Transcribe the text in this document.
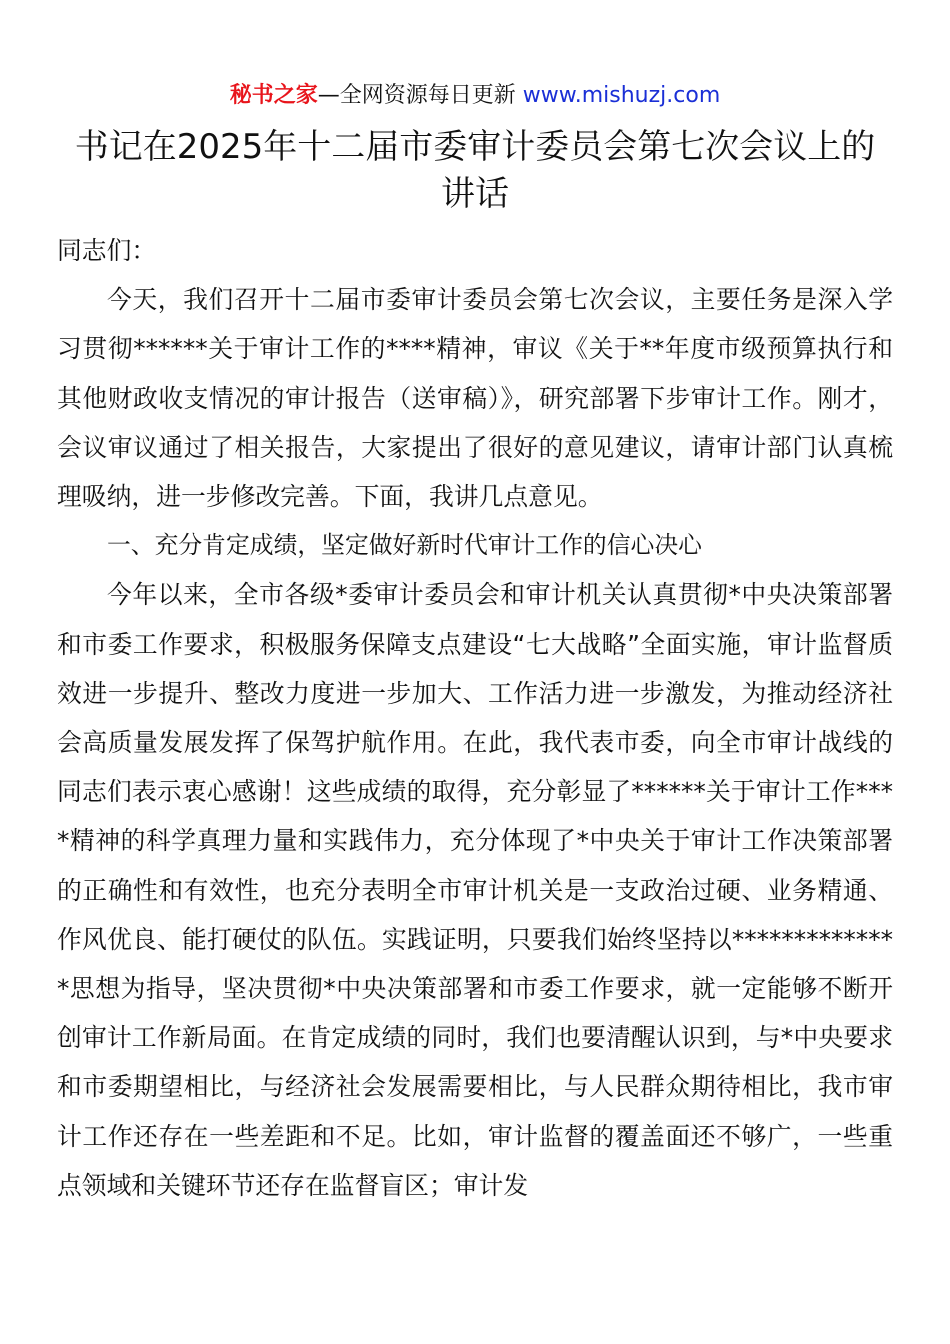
秘书之家—全网资源每日更新 www.mishuzj.com
书记在2025年十二届市委审计委员会第七次会议上的讲话

同志们：

今天，我们召开十二届市委审计委员会第七次会议，主要任务是深入学习贯彻******关于审计工作的****精神，审议《关于**年度市级预算执行和其他财政收支情况的审计报告（送审稿）》，研究部署下步审计工作。刚才，会议审议通过了相关报告，大家提出了很好的意见建议，请审计部门认真梳理吸纳，进一步修改完善。下面，我讲几点意见。

一、充分肯定成绩，坚定做好新时代审计工作的信心决心

今年以来，全市各级*委审计委员会和审计机关认真贯彻*中央决策部署和市委工作要求，积极服务保障支点建设“七大战略”全面实施，审计监督质效进一步提升、整改力度进一步加大、工作活力进一步激发，为推动经济社会高质量发展发挥了保驾护航作用。在此，我代表市委，向全市审计战线的同志们表示衷心感谢！这些成绩的取得，充分彰显了******关于审计工作****精神的科学真理力量和实践伟力，充分体现了*中央关于审计工作决策部署的正确性和有效性，也充分表明全市审计机关是一支政治过硬、业务精通、作风优良、能打硬仗的队伍。实践证明，只要我们始终坚持以**************思想为指导，坚决贯彻*中央决策部署和市委工作要求，就一定能够不断开创审计工作新局面。在肯定成绩的同时，我们也要清醒认识到，与*中央要求和市委期望相比，与经济社会发展需要相比，与人民群众期待相比，我市审计工作还存在一些差距和不足。比如，审计监督的覆盖面还不够广，一些重点领域和关键环节还存在监督盲区；审计发
